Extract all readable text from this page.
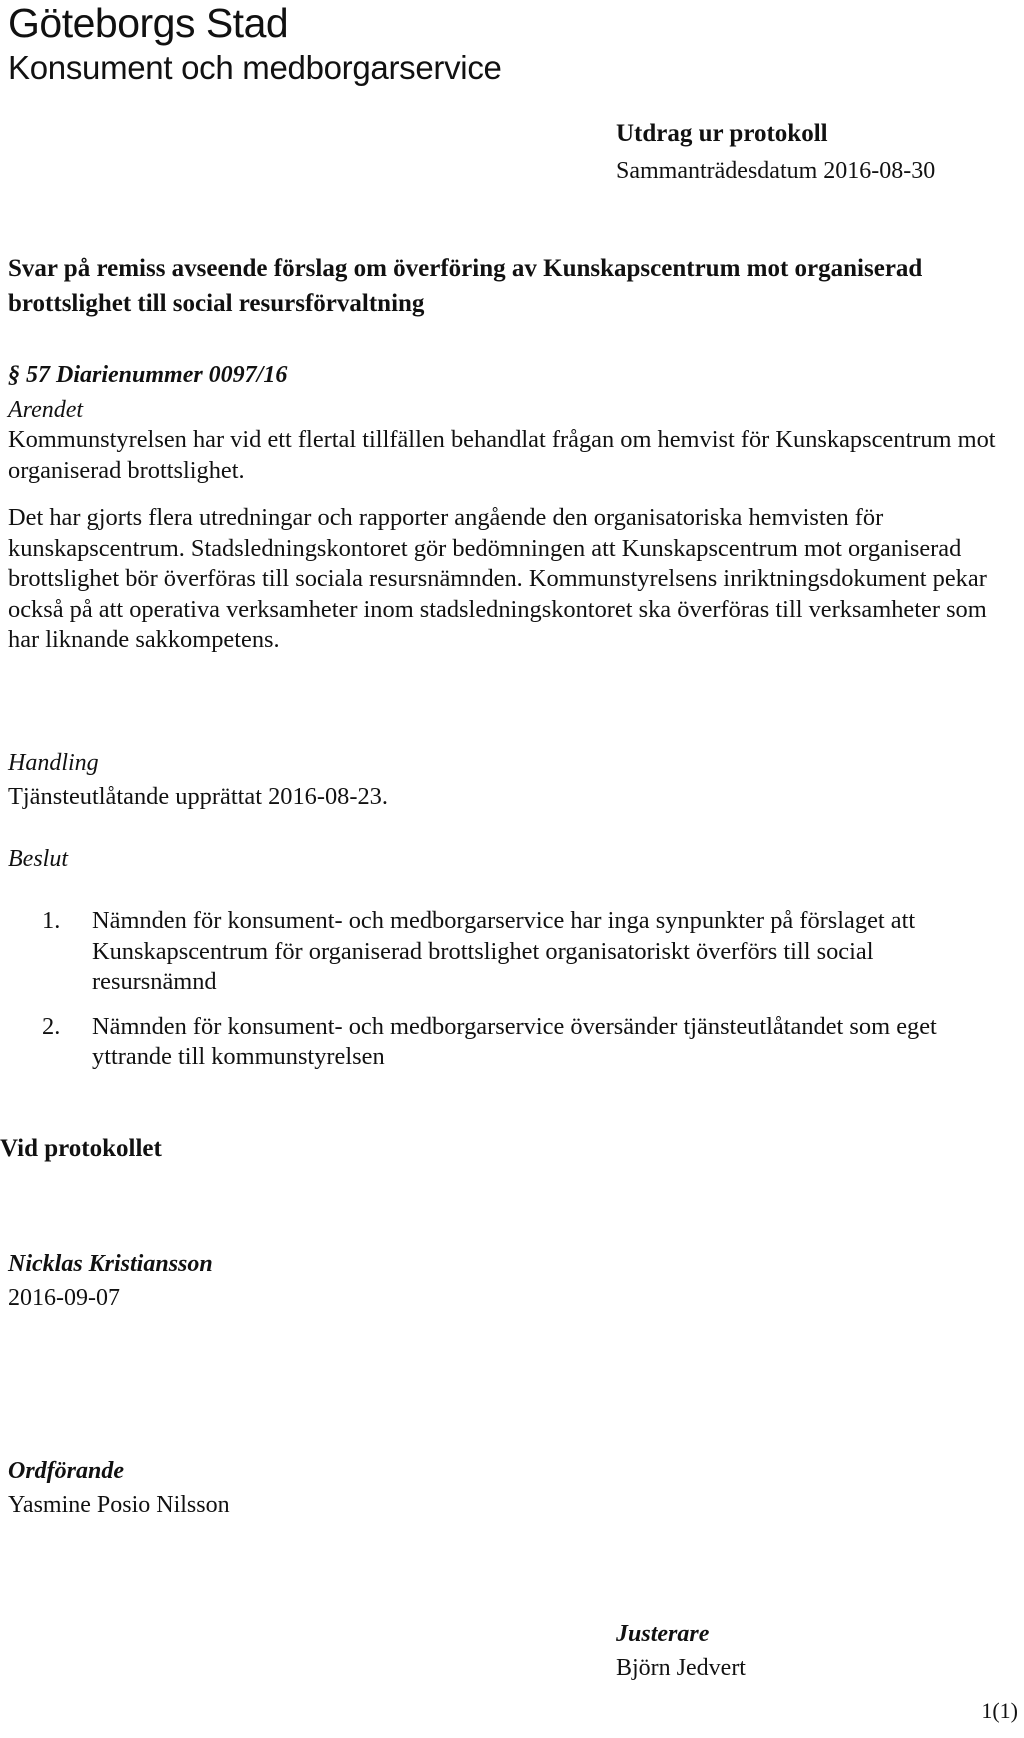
Göteborgs Stad
Konsument och medborgarservice
Utdrag ur protokoll
Sammanträdesdatum 2016-08-30
Svar på remiss avseende förslag om överföring av Kunskapscentrum mot organiserad brottslighet till social resursförvaltning
§ 57 Diarienummer 0097/16
Arendet
Kommunstyrelsen har vid ett flertal tillfällen behandlat frågan om hemvist för Kunskapscentrum mot organiserad brottslighet.
Det har gjorts flera utredningar och rapporter angående den organisatoriska hemvisten för kunskapscentrum. Stadsledningskontoret gör bedömningen att Kunskapscentrum mot organiserad brottslighet bör överföras till sociala resursnämnden. Kommunstyrelsens inriktningsdokument pekar också på att operativa verksamheter inom stadsledningskontoret ska överföras till verksamheter som har liknande sakkompetens.
Handling
Tjänsteutlåtande upprättat 2016-08-23.
Beslut
1. Nämnden för konsument- och medborgarservice har inga synpunkter på förslaget att Kunskapscentrum för organiserad brottslighet organisatoriskt överförs till social resursnämnd
2. Nämnden för konsument- och medborgarservice översänder tjänsteutlåtandet som eget yttrande till kommunstyrelsen
Vid protokollet
Nicklas Kristiansson
2016-09-07
Ordförande
Yasmine Posio Nilsson
Justerare
Björn Jedvert
1(1)
